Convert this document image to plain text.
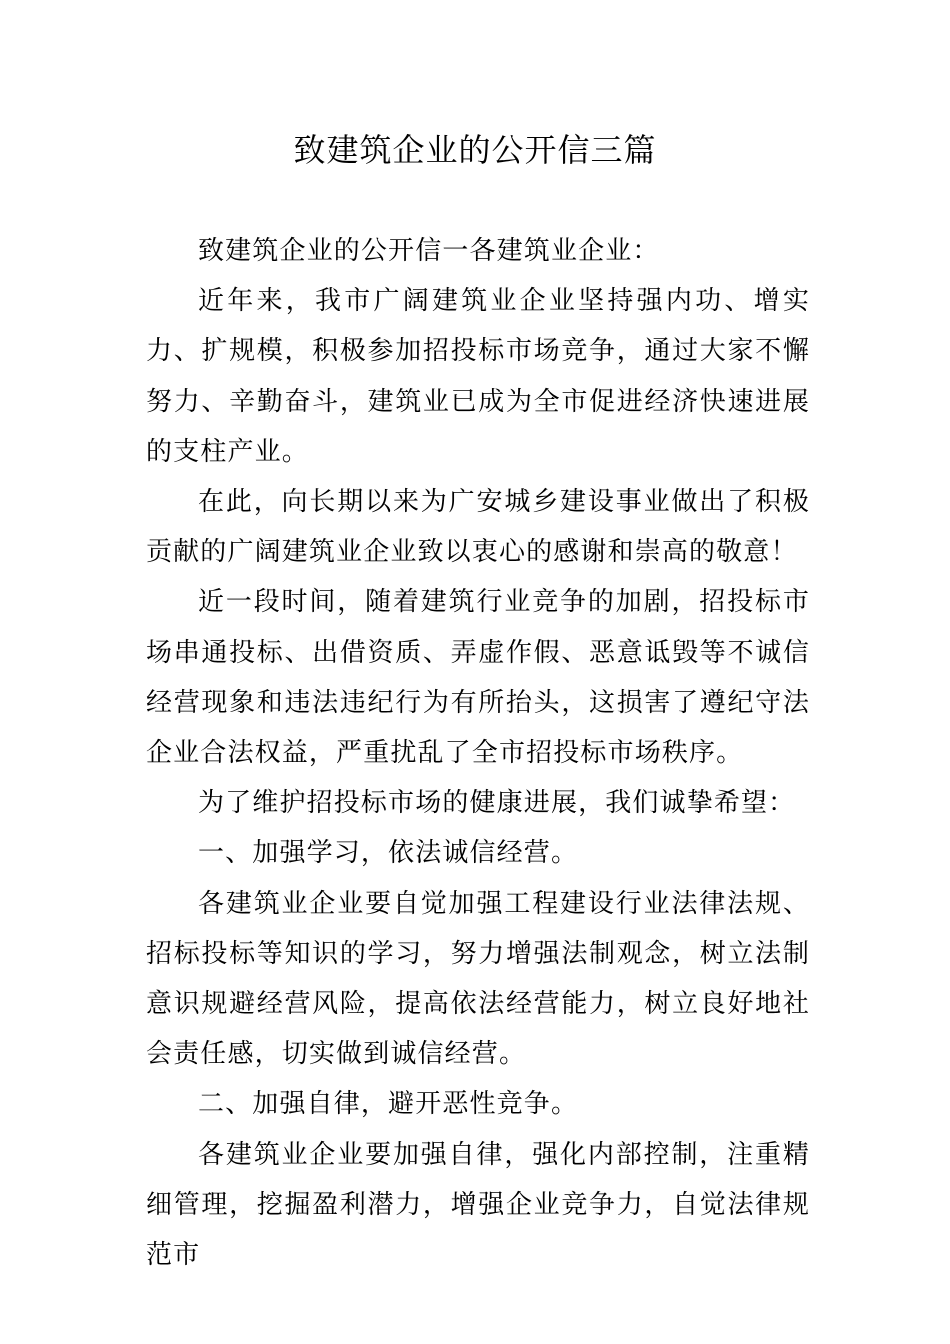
致建筑企业的公开信三篇

致建筑企业的公开信一各建筑业企业：

近年来，我市广阔建筑业企业坚持强内功、增实力、扩规模，积极参加招投标市场竞争，通过大家不懈努力、辛勤奋斗，建筑业已成为全市促进经济快速进展的支柱产业。

在此，向长期以来为广安城乡建设事业做出了积极贡献的广阔建筑业企业致以衷心的感谢和崇高的敬意！

近一段时间，随着建筑行业竞争的加剧，招投标市场串通投标、出借资质、弄虚作假、恶意诋毁等不诚信经营现象和违法违纪行为有所抬头，这损害了遵纪守法企业合法权益，严重扰乱了全市招投标市场秩序。

为了维护招投标市场的健康进展，我们诚挚希望：

一、加强学习，依法诚信经营。

各建筑业企业要自觉加强工程建设行业法律法规、招标投标等知识的学习，努力增强法制观念，树立法制意识规避经营风险，提高依法经营能力，树立良好地社会责任感，切实做到诚信经营。

二、加强自律，避开恶性竞争。

各建筑业企业要加强自律，强化内部控制，注重精细管理，挖掘盈利潜力，增强企业竞争力，自觉法律规范市
